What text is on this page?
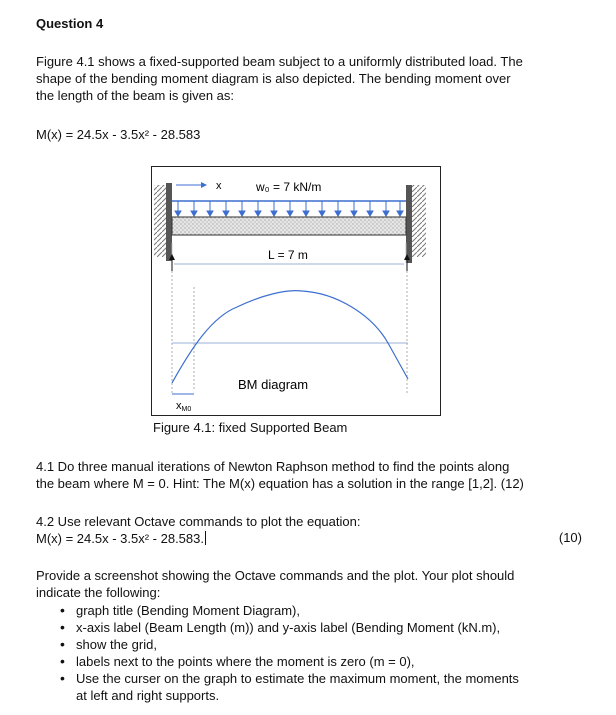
Question 4
Figure 4.1 shows a fixed-supported beam subject to a uniformly distributed load. The
shape of the bending moment diagram is also depicted. The bending moment over
the length of the beam is given as:
M(x) = 24.5x - 3.5x² - 28.583
x	w₀ = 7 kN/m
L = 7 m
BM diagram
xM0
Figure 4.1: fixed Supported Beam
4.1 Do three manual iterations of Newton Raphson method to find the points along
the beam where M = 0. Hint: The M(x) equation has a solution in the range [1,2]. (12)
4.2 Use relevant Octave commands to plot the equation:
M(x) = 24.5x - 3.5x² - 28.583.	(10)
Provide a screenshot showing the Octave commands and the plot. Your plot should
indicate the following:
• graph title (Bending Moment Diagram),
• x-axis label (Beam Length (m)) and y-axis label (Bending Moment (kN.m),
• show the grid,
• labels next to the points where the moment is zero (m = 0),
• Use the curser on the graph to estimate the maximum moment, the moments
at left and right supports.
